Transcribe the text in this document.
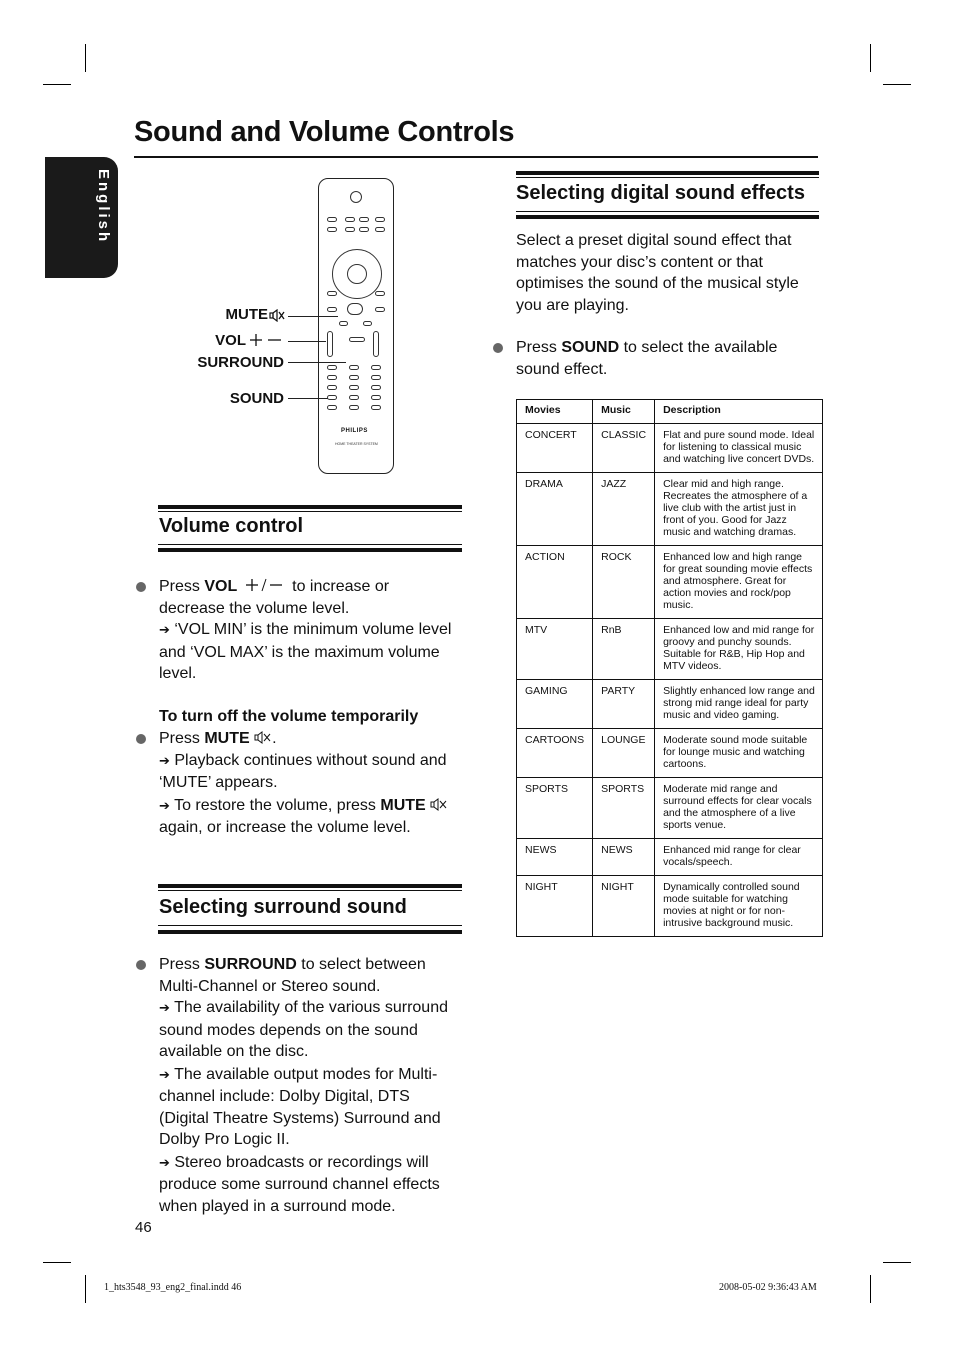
English
Sound and Volume Controls
PHILIPS
HOME THEATER SYSTEM
MUTE
VOL
SURROUND
SOUND
Volume control
Press VOL	to increase or decrease the volume level.
➔ ‘VOL MIN’ is the minimum volume level and ‘VOL MAX’ is the maximum volume level.
To turn off the volume temporarily
Press MUTE .
➔ Playback continues without sound and ‘MUTE’ appears.
➔ To restore the volume, press MUTE  again, or increase the volume level.
Selecting surround sound
Press SURROUND to select between Multi-Channel or Stereo sound.
➔ The availability of the various surround sound modes depends on the sound available on the disc.
➔ The available output modes for Multi-channel include: Dolby Digital, DTS (Digital Theatre Systems) Surround and Dolby Pro Logic II.
➔ Stereo broadcasts or recordings will produce some surround channel effects when played in a surround mode.
Selecting digital sound effects
Select a preset digital sound effect that matches your disc’s content or that optimises the sound of the musical style you are playing.
Press SOUND to select the available sound effect.
Movies	Music	Description
CONCERT	CLASSIC	Flat and pure sound mode. Ideal for listening to classical music and watching live concert DVDs.
DRAMA	JAZZ	Clear mid and high range. Recreates the atmosphere of a live club with the artist just in front of you. Good for Jazz music and watching dramas.
ACTION	ROCK	Enhanced low and high range for great sounding movie effects and atmosphere. Great for action movies and rock/pop music.
MTV	RnB	Enhanced low and mid range for groovy and punchy sounds. Suitable for R&B, Hip Hop and MTV videos.
GAMING	PARTY	Slightly enhanced low range and strong mid range ideal for party music and video gaming.
CARTOONS	LOUNGE	Moderate sound mode suitable for lounge music and watching cartoons.
SPORTS	SPORTS	Moderate mid range and surround effects for clear vocals and the atmosphere of a live sports venue.
NEWS	NEWS	Enhanced mid range for clear vocals/speech.
NIGHT	NIGHT	Dynamically controlled sound mode suitable for watching movies at night or for non-intrusive background music.
46
1_hts3548_93_eng2_final.indd 46	2008-05-02 9:36:43 AM
